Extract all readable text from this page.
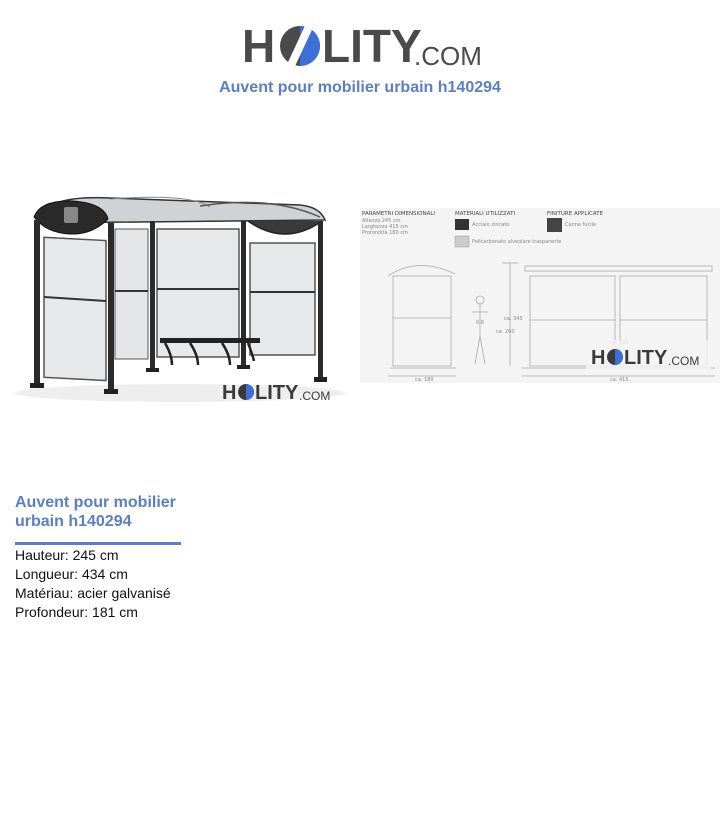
H LITY
.COM
Auvent pour mobilier urbain h140294
H LITY .COM
PARAMETRI DIMENSIONALI
Altezza 245 cm
Larghezza 415 cm
Profondità 180 cm
MATERIALI UTILIZZATI
Acciaio zincato
Policarbonato alveolare trasparente
FINITURE APPLICATE
Canna fucile
ca. 345
ca. 200
ca. 180	ca. 415
0.8
H LITY .COM
Auvent pour mobilier urbain h140294
Hauteur: 245 cm
Longueur: 434 cm
Matériau: acier galvanisé
Profondeur: 181 cm
